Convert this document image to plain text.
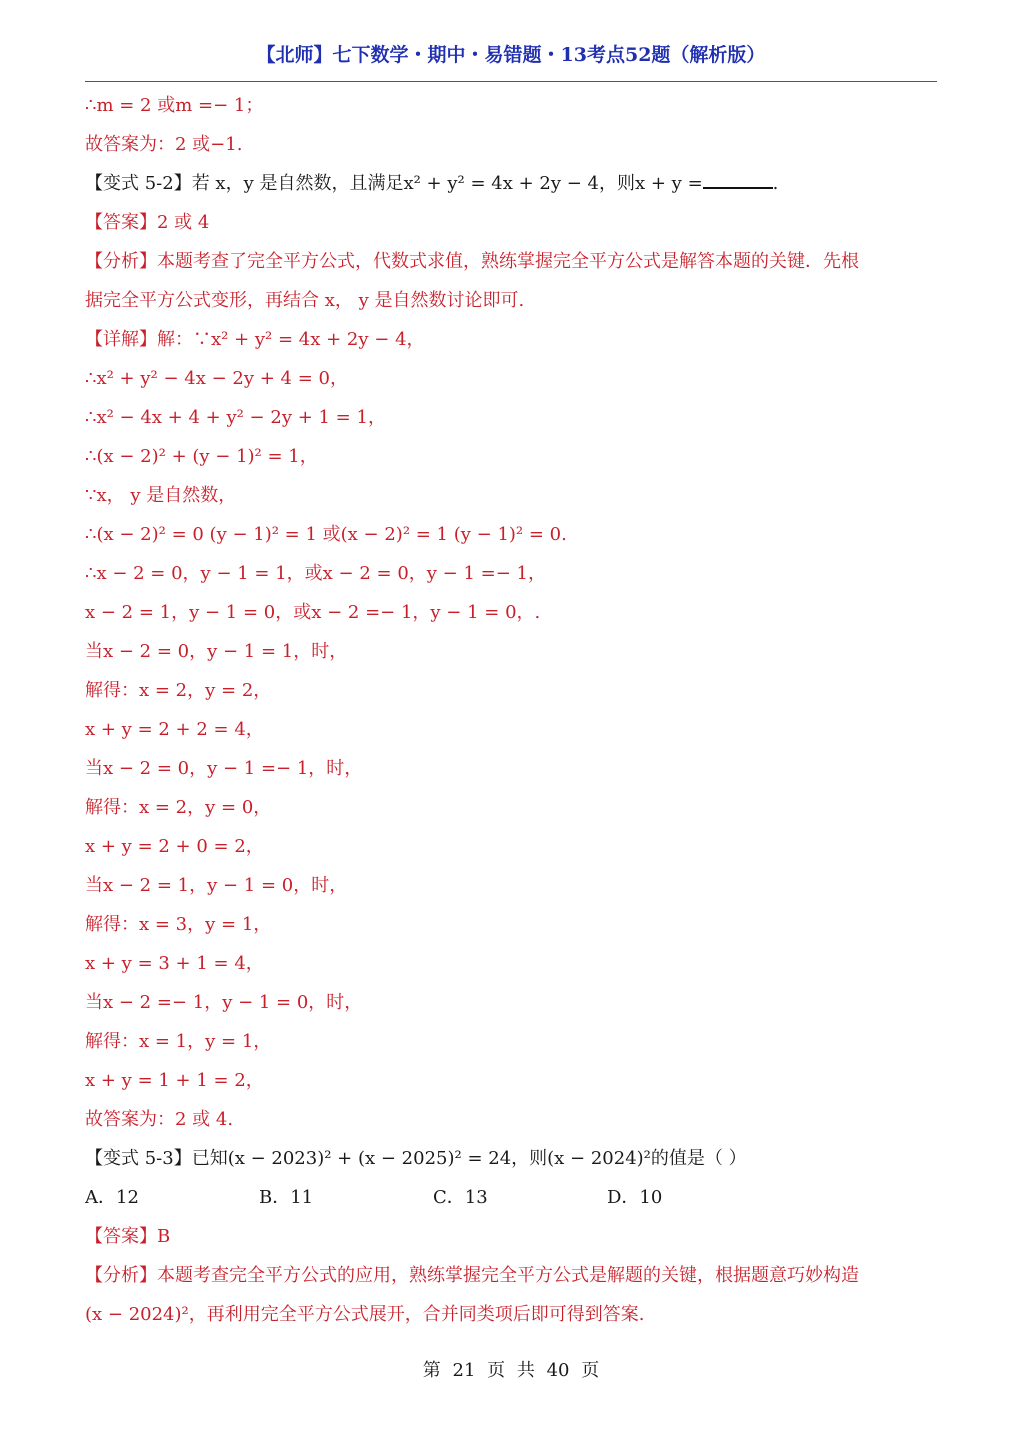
【北师】七下数学・期中・易错题・13考点52题（解析版）
∴m = 2 或m =− 1；
故答案为：2 或−1.
【变式 5-2】若 x，y 是自然数，且满足x² + y² = 4x + 2y − 4，则x + y =	.
【答案】2 或 4
【分析】本题考查了完全平方公式，代数式求值，熟练掌握完全平方公式是解答本题的关键．先根
据完全平方公式变形，再结合 x， y 是自然数讨论即可.
【详解】解：∵x² + y² = 4x + 2y − 4，
∴x² + y² − 4x − 2y + 4 = 0，
∴x² − 4x + 4 + y² − 2y + 1 = 1，
∴(x − 2)² + (y − 1)² = 1，
∵x， y 是自然数，
∴(x − 2)² = 0 (y − 1)² = 1 或(x − 2)² = 1 (y − 1)² = 0.
∴x − 2 = 0，y − 1 = 1，或x − 2 = 0，y − 1 =− 1，
x − 2 = 1，y − 1 = 0，或x − 2 =− 1，y − 1 = 0，.
当x − 2 = 0，y − 1 = 1，时，
解得：x = 2，y = 2，
x + y = 2 + 2 = 4，
当x − 2 = 0，y − 1 =− 1，时，
解得：x = 2，y = 0，
x + y = 2 + 0 = 2，
当x − 2 = 1，y − 1 = 0，时，
解得：x = 3，y = 1，
x + y = 3 + 1 = 4，
当x − 2 =− 1，y − 1 = 0，时，
解得：x = 1，y = 1，
x + y = 1 + 1 = 2，
故答案为：2 或 4.
【变式 5-3】已知(x − 2023)² + (x − 2025)² = 24，则(x − 2024)²的值是（ ）
A．12	B．11	C．13	D．10
【答案】B
【分析】本题考查完全平方公式的应用，熟练掌握完全平方公式是解题的关键，根据题意巧妙构造
(x − 2024)²，再利用完全平方公式展开，合并同类项后即可得到答案.
第 21 页 共 40 页
